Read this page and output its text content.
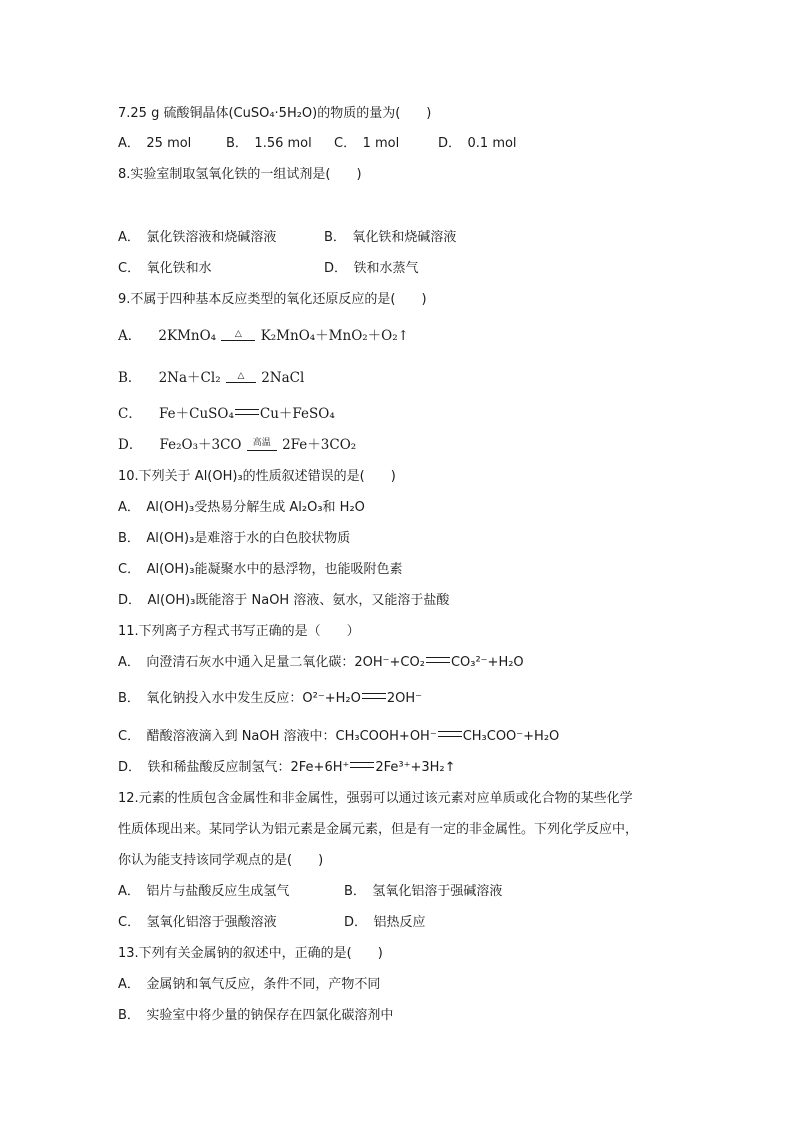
7.25 g 硫酸铜晶体(CuSO₄·5H₂O)的物质的量为(　　)
A．　25 mol	B．　1.56 mol C．　1 mol	D．　0.1 mol
8.实验室制取氢氧化铁的一组试剂是(　　)
A．　氯化铁溶液和烧碱溶液	B．　氧化铁和烧碱溶液
C．　氧化铁和水	D．　铁和水蒸气
9.不属于四种基本反应类型的氧化还原反应的是(　　)
A． 2KMnO₄ △ K₂MnO₄＋MnO₂＋O₂↑
B． 2Na＋Cl₂ △ 2NaCl
C． Fe＋CuSO₄ Cu＋FeSO₄
D． Fe₂O₃＋3CO 高温 2Fe＋3CO₂
10.下列关于 Al(OH)₃的性质叙述错误的是(　　)
A．　Al(OH)₃受热易分解生成 Al₂O₃和 H₂O
B．　Al(OH)₃是难溶于水的白色胶状物质
C．　Al(OH)₃能凝聚水中的悬浮物，也能吸附色素
D．　Al(OH)₃既能溶于 NaOH 溶液、氨水，又能溶于盐酸
11.下列离子方程式书写正确的是（　　）
A．　向澄清石灰水中通入足量二氧化碳：2OH⁻+CO₂ CO₃²⁻+H₂O
B．　氧化钠投入水中发生反应：O²⁻+H₂O 2OH⁻
C．　醋酸溶液滴入到 NaOH 溶液中：CH₃COOH+OH⁻ CH₃COO⁻+H₂O
D．　铁和稀盐酸反应制氢气：2Fe+6H⁺ 2Fe³⁺+3H₂↑
12.元素的性质包含金属性和非金属性，强弱可以通过该元素对应单质或化合物的某些化学
性质体现出来。某同学认为铝元素是金属元素，但是有一定的非金属性。下列化学反应中，
你认为能支持该同学观点的是(　　)
A．　铝片与盐酸反应生成氢气	B．　氢氧化铝溶于强碱溶液
C．　氢氧化铝溶于强酸溶液	D．　铝热反应
13.下列有关金属钠的叙述中，正确的是(　　)
A．　金属钠和氧气反应，条件不同，产物不同
B．　实验室中将少量的钠保存在四氯化碳溶剂中
